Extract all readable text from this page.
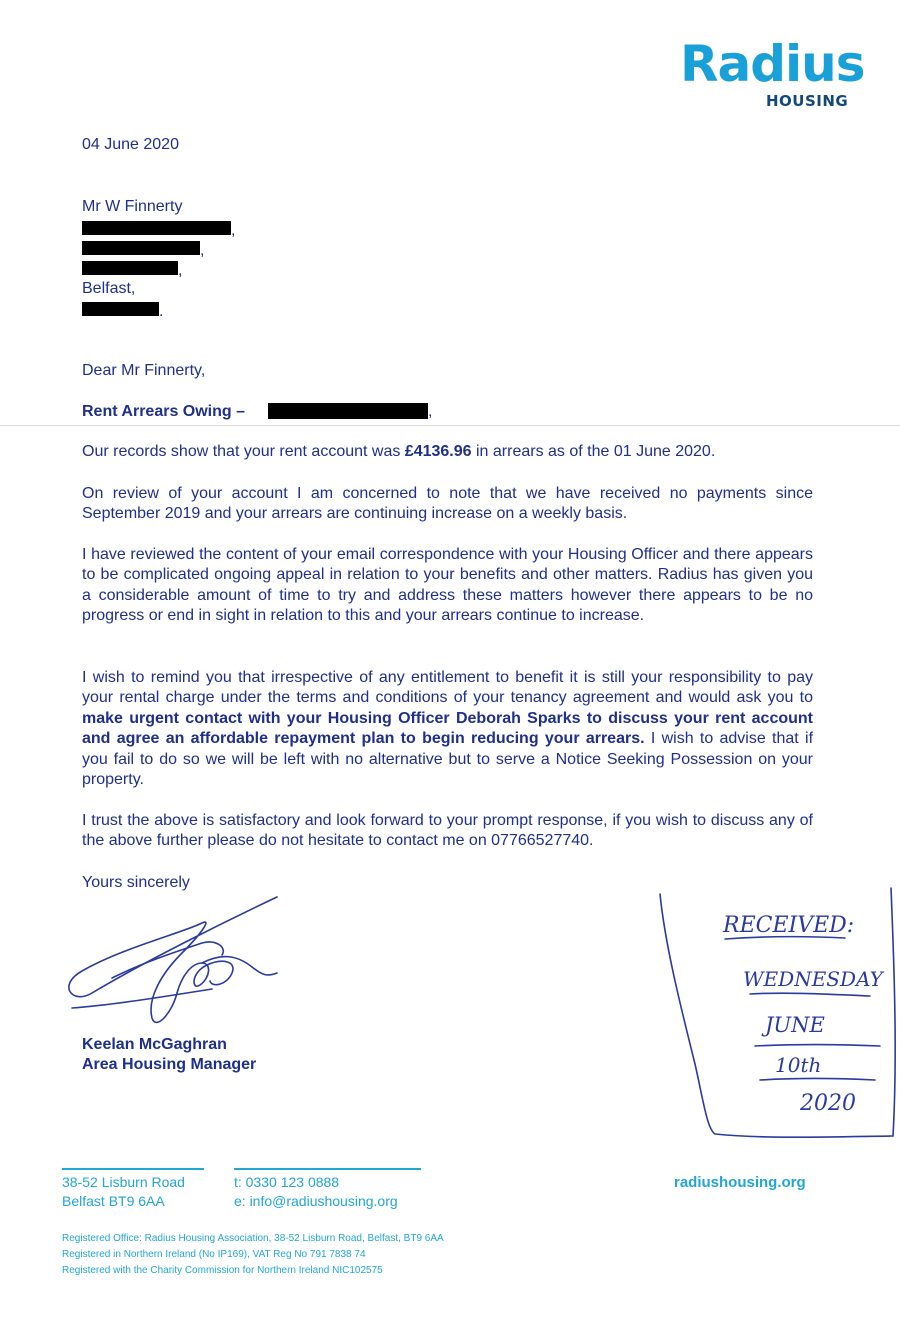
Radius
HOUSING
04 June 2020
Mr W Finnerty
,
,
,
Belfast,
.
Dear Mr Finnerty,
Rent Arrears Owing –	,
Our records show that your rent account was £4136.96 in arrears as of the 01 June 2020.
On review of your account I am concerned to note that we have received no payments since September 2019 and your arrears are continuing increase on a weekly basis.
I have reviewed the content of your email correspondence with your Housing Officer and there appears to be complicated ongoing appeal in relation to your benefits and other matters. Radius has given you a considerable amount of time to try and address these matters however there appears to be no progress or end in sight in relation to this and your arrears continue to increase.
I wish to remind you that irrespective of any entitlement to benefit it is still your responsibility to pay your rental charge under the terms and conditions of your tenancy agreement and would ask you to make urgent contact with your Housing Officer Deborah Sparks to discuss your rent account and agree an affordable repayment plan to begin reducing your arrears. I wish to advise that if you fail to do so we will be left with no alternative but to serve a Notice Seeking Possession on your property.
I trust the above is satisfactory and look forward to your prompt response, if you wish to discuss any of the above further please do not hesitate to contact me on 07766527740.
Yours sincerely
Keelan McGaghran
Area Housing Manager
RECEIVED:
WEDNESDAY
JUNE
10th
2020
38-52 Lisburn Road
Belfast BT9 6AA
t: 0330 123 0888
e: info@radiushousing.org
radiushousing.org
Registered Office: Radius Housing Association, 38-52 Lisburn Road, Belfast, BT9 6AA
Registered in Northern Ireland (No IP169), VAT Reg No 791 7838 74
Registered with the Charity Commission for Northern Ireland NIC102575
